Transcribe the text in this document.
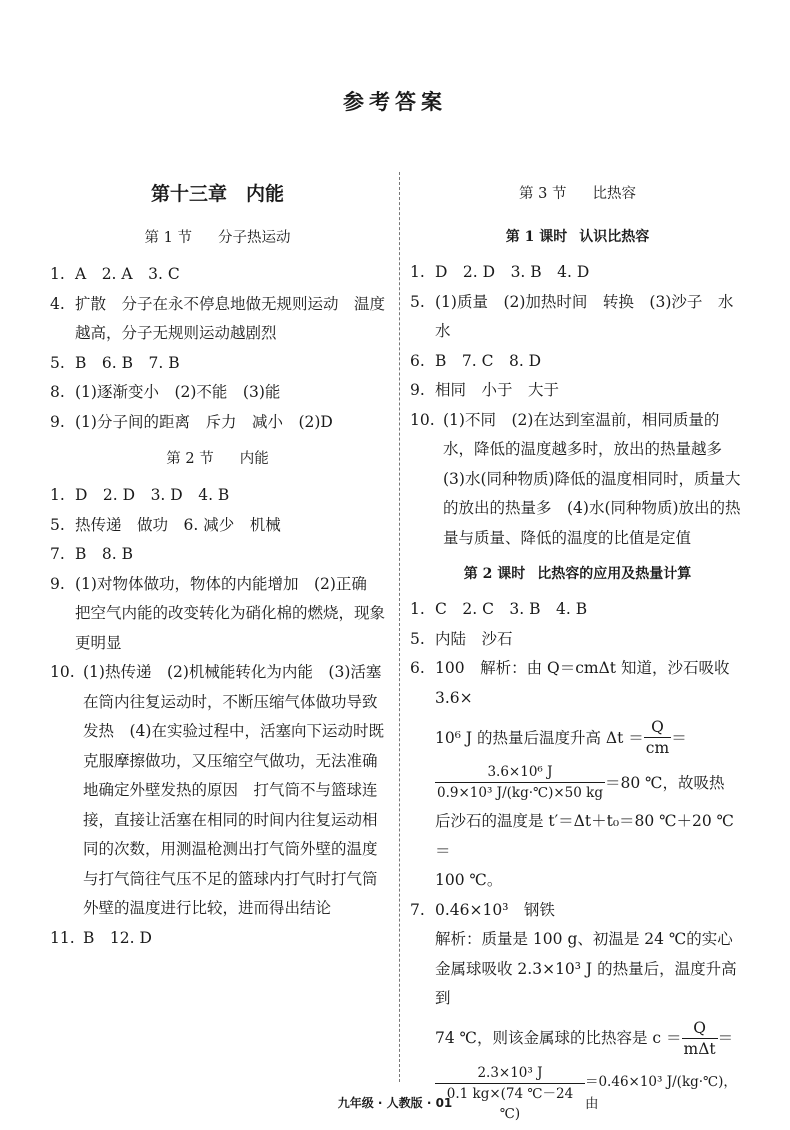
参考答案
第十三章　内能
第 1 节 分子热运动
1. A　2. A　3. C
4. 扩散　分子在永不停息地做无规则运动　温度越高，分子无规则运动越剧烈
5. B　6. B　7. B
8. (1)逐渐变小　(2)不能　(3)能
9. (1)分子间的距离　斥力　减小　(2)D
第 2 节 内能
1. D　2. D　3. D　4. B
5. 热传递　做功　6. 减少　机械
7. B　8. B
9. (1)对物体做功，物体的内能增加　(2)正确　把空气内能的改变转化为硝化棉的燃烧，现象更明显
10. (1)热传递　(2)机械能转化为内能　(3)活塞在筒内往复运动时，不断压缩气体做功导致发热　(4)在实验过程中，活塞向下运动时既克服摩擦做功，又压缩空气做功，无法准确地确定外壁发热的原因　打气筒不与篮球连接，直接让活塞在相同的时间内往复运动相同的次数，用测温枪测出打气筒外壁的温度与打气筒往气压不足的篮球内打气时打气筒外壁的温度进行比较，进而得出结论
11. B　12. D
第 3 节 比热容
第 1 课时 认识比热容
1. D　2. D　3. B　4. D
5. (1)质量　(2)加热时间　转换　(3)沙子　水　水
6. B　7. C　8. D
9. 相同　小于　大于
10. (1)不同　(2)在达到室温前，相同质量的水，降低的温度越多时，放出的热量越多　(3)水(同种物质)降低的温度相同时，质量大的放出的热量多　(4)水(同种物质)放出的热量与质量、降低的温度的比值是定值
第 2 课时 比热容的应用及热量计算
1. C　2. C　3. B　4. B
5. 内陆　沙石
6. 100　解析：由 Q＝cmΔt 知道，沙石吸收3.6×
10⁶ J 的热量后温度升高 $\Delta t = \frac{Q}{cm}$ ＝
$\frac{\text{3.6×10⁶ J}}{\text{0.9×10³ J/(kg·℃)×50 kg}} =80$ ℃，故吸热
后沙石的温度是 t′＝Δt＋t₀＝80 ℃＋20 ℃＝
100 ℃。
7. 0.46×10³　钢铁
解析：质量是 100 g、初温是 24 ℃的实心金属球吸收 2.3×10³ J 的热量后，温度升高到
74 ℃，则该金属球的比热容是 $c = \frac{Q}{\text{mΔt}}$ ＝
$\frac{\text{2.3×10³ J}}{0.1 kg\times(74 ℃-24 ℃)} =0.46\times 10^3$ J/(kg·℃)，由
九年级 · 人教版 · 01
